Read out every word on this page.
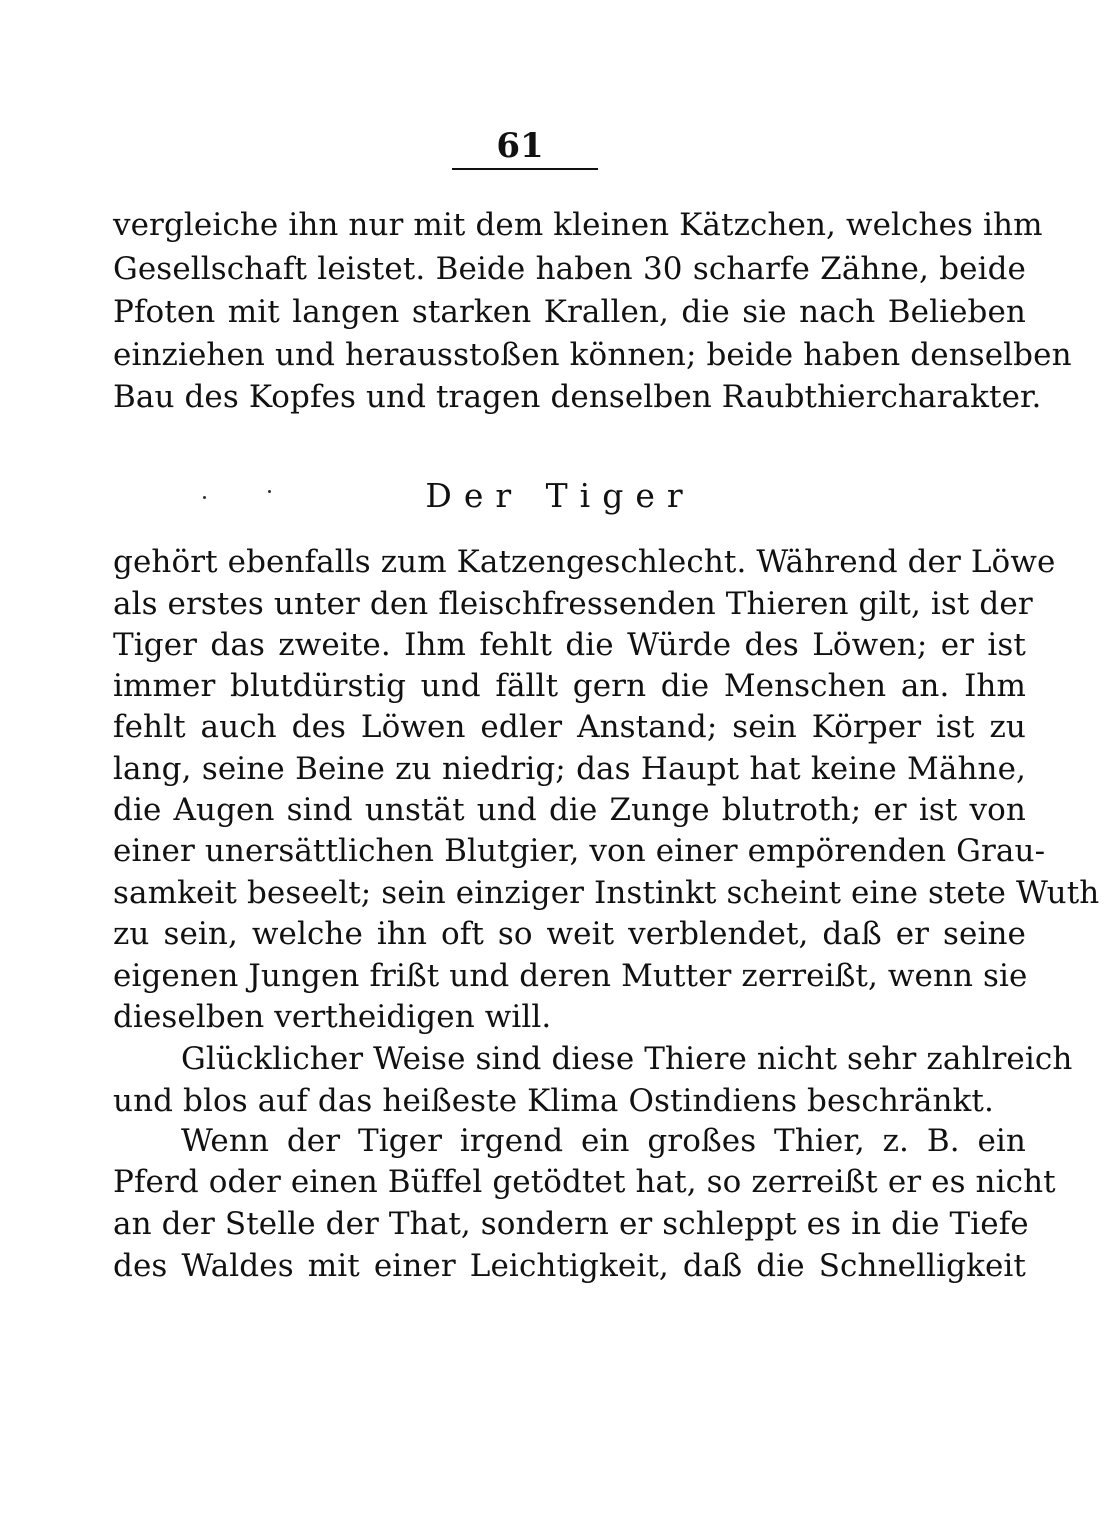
61
vergleiche ihn nur mit dem kleinen Kätzchen, welches ihm
Gesellschaft leistet. Beide haben 30 scharfe Zähne, beide
Pfoten mit langen starken Krallen, die sie nach Belieben
einziehen und herausstoßen können; beide haben denselben
Bau des Kopfes und tragen denselben Raubthiercharakter.
Der Tiger
gehört ebenfalls zum Katzengeschlecht. Während der Löwe
als erstes unter den fleischfressenden Thieren gilt, ist der
Tiger das zweite. Ihm fehlt die Würde des Löwen; er ist
immer blutdürstig und fällt gern die Menschen an. Ihm
fehlt auch des Löwen edler Anstand; sein Körper ist zu
lang, seine Beine zu niedrig; das Haupt hat keine Mähne,
die Augen sind unstät und die Zunge blutroth; er ist von
einer unersättlichen Blutgier, von einer empörenden Grau-
samkeit beseelt; sein einziger Instinkt scheint eine stete Wuth
zu sein, welche ihn oft so weit verblendet, daß er seine
eigenen Jungen frißt und deren Mutter zerreißt, wenn sie
dieselben vertheidigen will.
Glücklicher Weise sind diese Thiere nicht sehr zahlreich
und blos auf das heißeste Klima Ostindiens beschränkt.
Wenn der Tiger irgend ein großes Thier, z. B. ein
Pferd oder einen Büffel getödtet hat, so zerreißt er es nicht
an der Stelle der That, sondern er schleppt es in die Tiefe
des Waldes mit einer Leichtigkeit, daß die Schnelligkeit
